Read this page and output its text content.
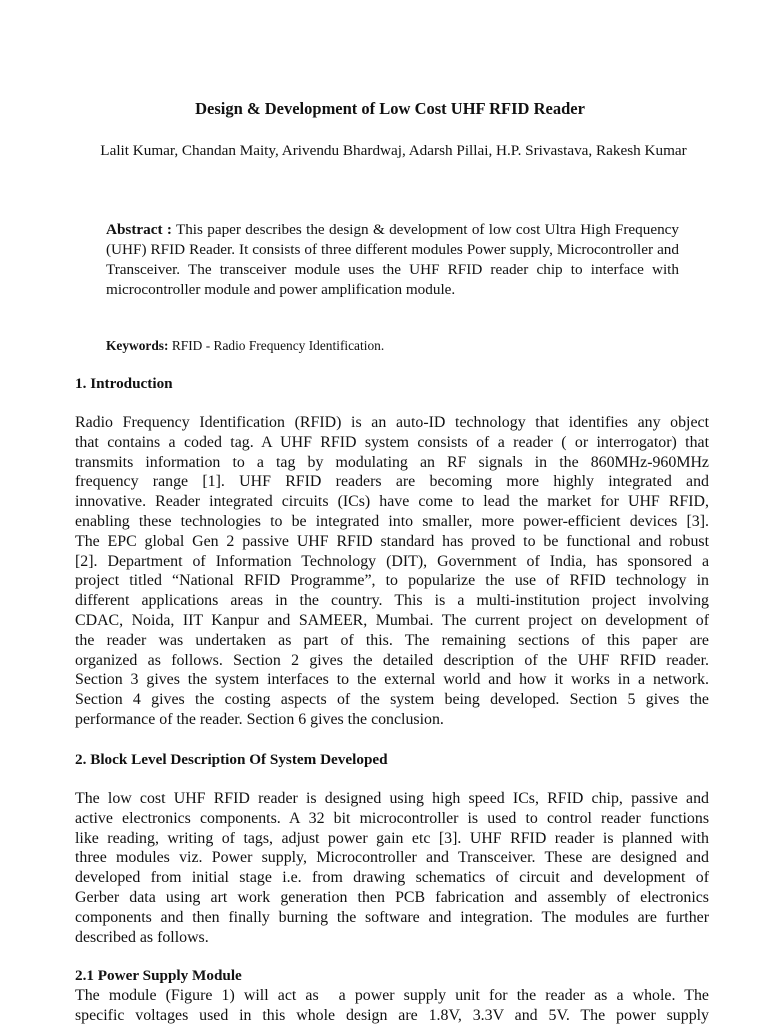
Design & Development of Low Cost UHF RFID Reader
Lalit Kumar, Chandan Maity, Arivendu Bhardwaj, Adarsh Pillai, H.P. Srivastava, Rakesh Kumar

Abstract : This paper describes the design & development of low cost Ultra High Frequency (UHF) RFID Reader. It consists of three different modules Power supply, Microcontroller and Transceiver. The transceiver module uses the UHF RFID reader chip to interface with microcontroller module and power amplification module.

Keywords: RFID - Radio Frequency Identification.

1. Introduction

Radio Frequency Identification (RFID) is an auto-ID technology that identifies any object
that contains a coded tag. A UHF RFID system consists of a reader ( or interrogator) that
transmits information to a tag by modulating an RF signals in the 860MHz-960MHz
frequency range [1]. UHF RFID readers are becoming more highly integrated and
innovative. Reader integrated circuits (ICs) have come to lead the market for UHF RFID,
enabling these technologies to be integrated into smaller, more power-efficient devices [3].
The EPC global Gen 2 passive UHF RFID standard has proved to be functional and robust
[2]. Department of Information Technology (DIT), Government of India, has sponsored a
project titled “National RFID Programme”, to popularize the use of RFID technology in
different applications areas in the country. This is a multi-institution project involving
CDAC, Noida, IIT Kanpur and SAMEER, Mumbai. The current project on development of
the reader was undertaken as part of this. The remaining sections of this paper are
organized as follows. Section 2 gives the detailed description of the UHF RFID reader.
Section 3 gives the system interfaces to the external world and how it works in a network.
Section 4 gives the costing aspects of the system being developed. Section 5 gives the
performance of the reader. Section 6 gives the conclusion.

2. Block Level Description Of System Developed

The low cost UHF RFID reader is designed using high speed ICs, RFID chip, passive and
active electronics components. A 32 bit microcontroller is used to control reader functions
like reading, writing of tags, adjust power gain etc [3]. UHF RFID reader is planned with
three modules viz. Power supply, Microcontroller and Transceiver. These are designed and
developed from initial stage i.e. from drawing schematics of circuit and development of
Gerber data using art work generation then PCB fabrication and assembly of electronics
components and then finally burning the software and integration. The modules are further
described as follows.

2.1 Power Supply Module

The module (Figure 1) will act as a power supply unit for the reader as a whole. The
specific voltages used in this whole design are 1.8V, 3.3V and 5V. The power supply
